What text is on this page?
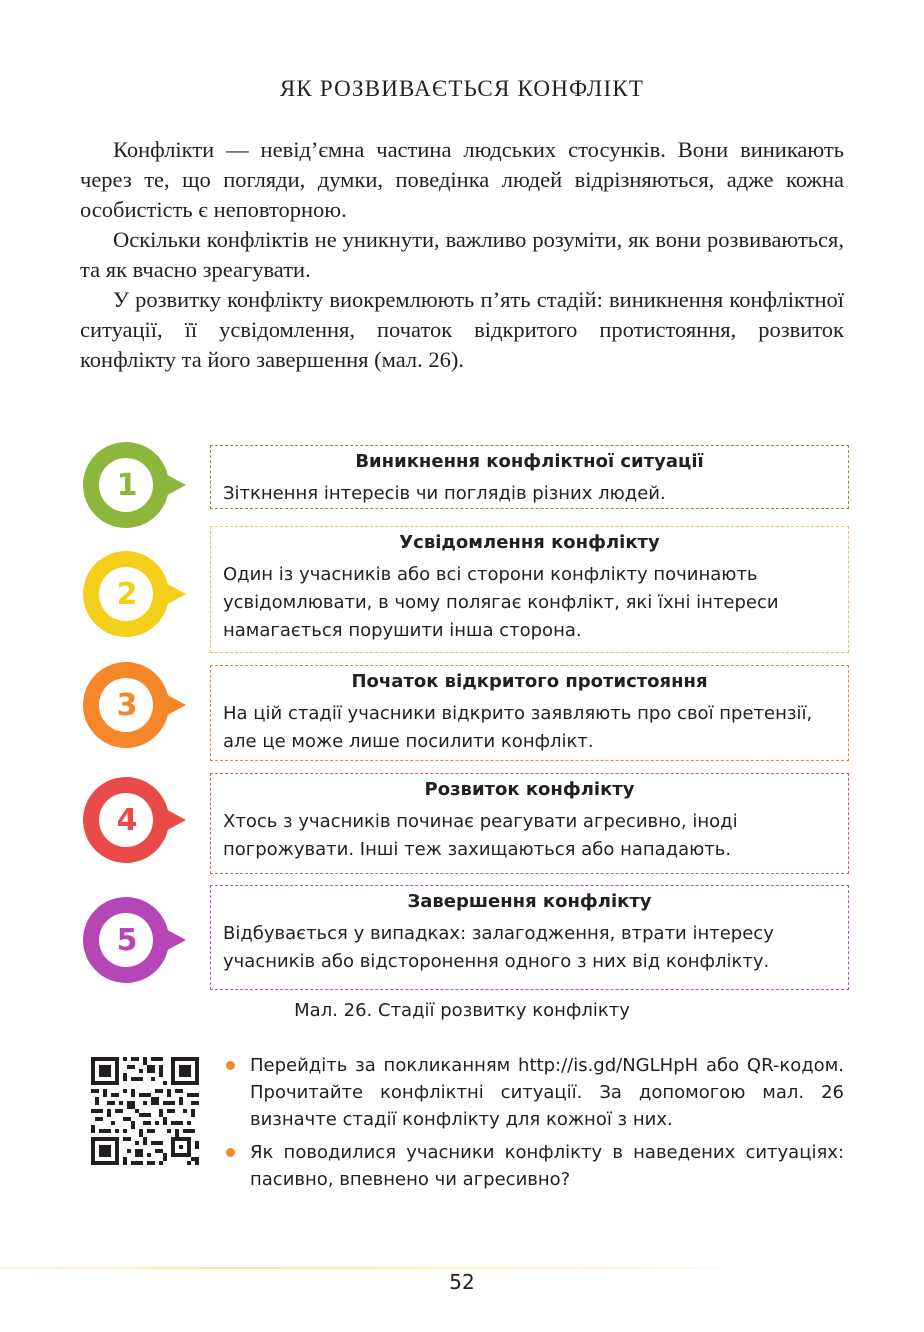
ЯК РОЗВИВАЄТЬСЯ КОНФЛІКТ

Конфлікти — невід’ємна частина людських стосунків. Вони виникають через те, що погляди, думки, поведінка людей відрізняються, адже кожна особистість є неповторною.

Оскільки конфліктів не уникнути, важливо розуміти, як вони розвиваються, та як вчасно зреагувати.

У розвитку конфлікту виокремлюють п’ять стадій: виникнення конфліктної ситуації, її усвідомлення, початок відкритого протистояння, розвиток конфлікту та його завершення (мал. 26).

1
Виникнення конфліктної ситуації
Зіткнення інтересів чи поглядів різних людей.
2
Усвідомлення конфлікту
Один із учасників або всі сторони конфлікту починають усвідомлювати, в чому полягає конфлікт, які їхні інтереси намагається порушити інша сторона.
3
Початок відкритого протистояння
На цій стадії учасники відкрито заявляють про свої претензії, але це може лише посилити конфлікт.
4
Розвиток конфлікту
Хтось з учасників починає реагувати агресивно, іноді погрожувати. Інші теж захищаються або нападають.
5
Завершення конфлікту
Відбувається у випадках: залагодження, втрати інтересу учасників або відсторонення одного з них від конфлікту.
Мал. 26. Стадії розвитку конфлікту
Перейдіть за покликанням http://is.gd/NGLHpH або QR-кодом. Прочитайте конфліктні ситуації. За допомогою мал. 26 визначте стадії конфлікту для кожної з них.
Як поводилися учасники конфлікту в наведених ситуаціях: пасивно, впевнено чи агресивно?
52
